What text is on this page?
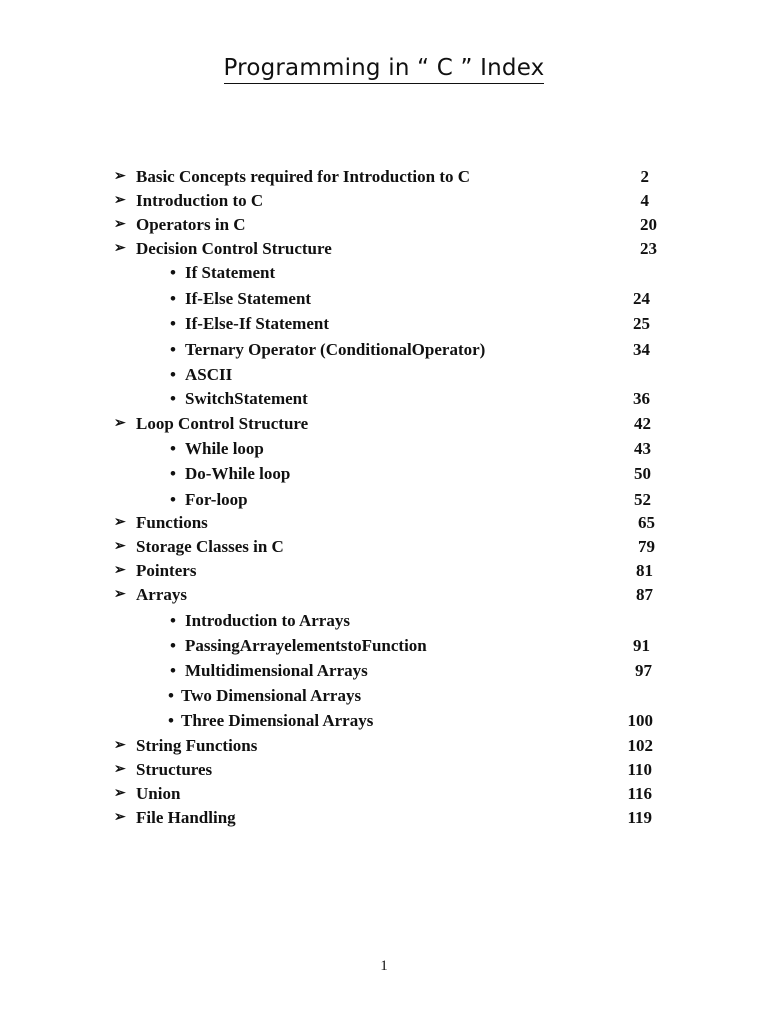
Programming in “ C ” Index
➢ Basic Concepts required for Introduction to C	2
➢ Introduction to C	4
➢ Operators in C	20
➢ Decision Control Structure	23
• If Statement
• If-Else Statement	24
• If-Else-If Statement	25
• Ternary Operator (ConditionalOperator)	34
• ASCII
• SwitchStatement	36
➢ Loop Control Structure	42
• While loop	43
• Do-While loop	50
• For-loop	52
➢ Functions	65
➢ Storage Classes in C	79
➢ Pointers	81
➢ Arrays	87
• Introduction to Arrays
• PassingArrayelementstoFunction	91
• Multidimensional Arrays	97
• Two Dimensional Arrays
• Three Dimensional Arrays	100
➢ String Functions	102
➢ Structures	110
➢ Union	116
➢ File Handling	119
1
